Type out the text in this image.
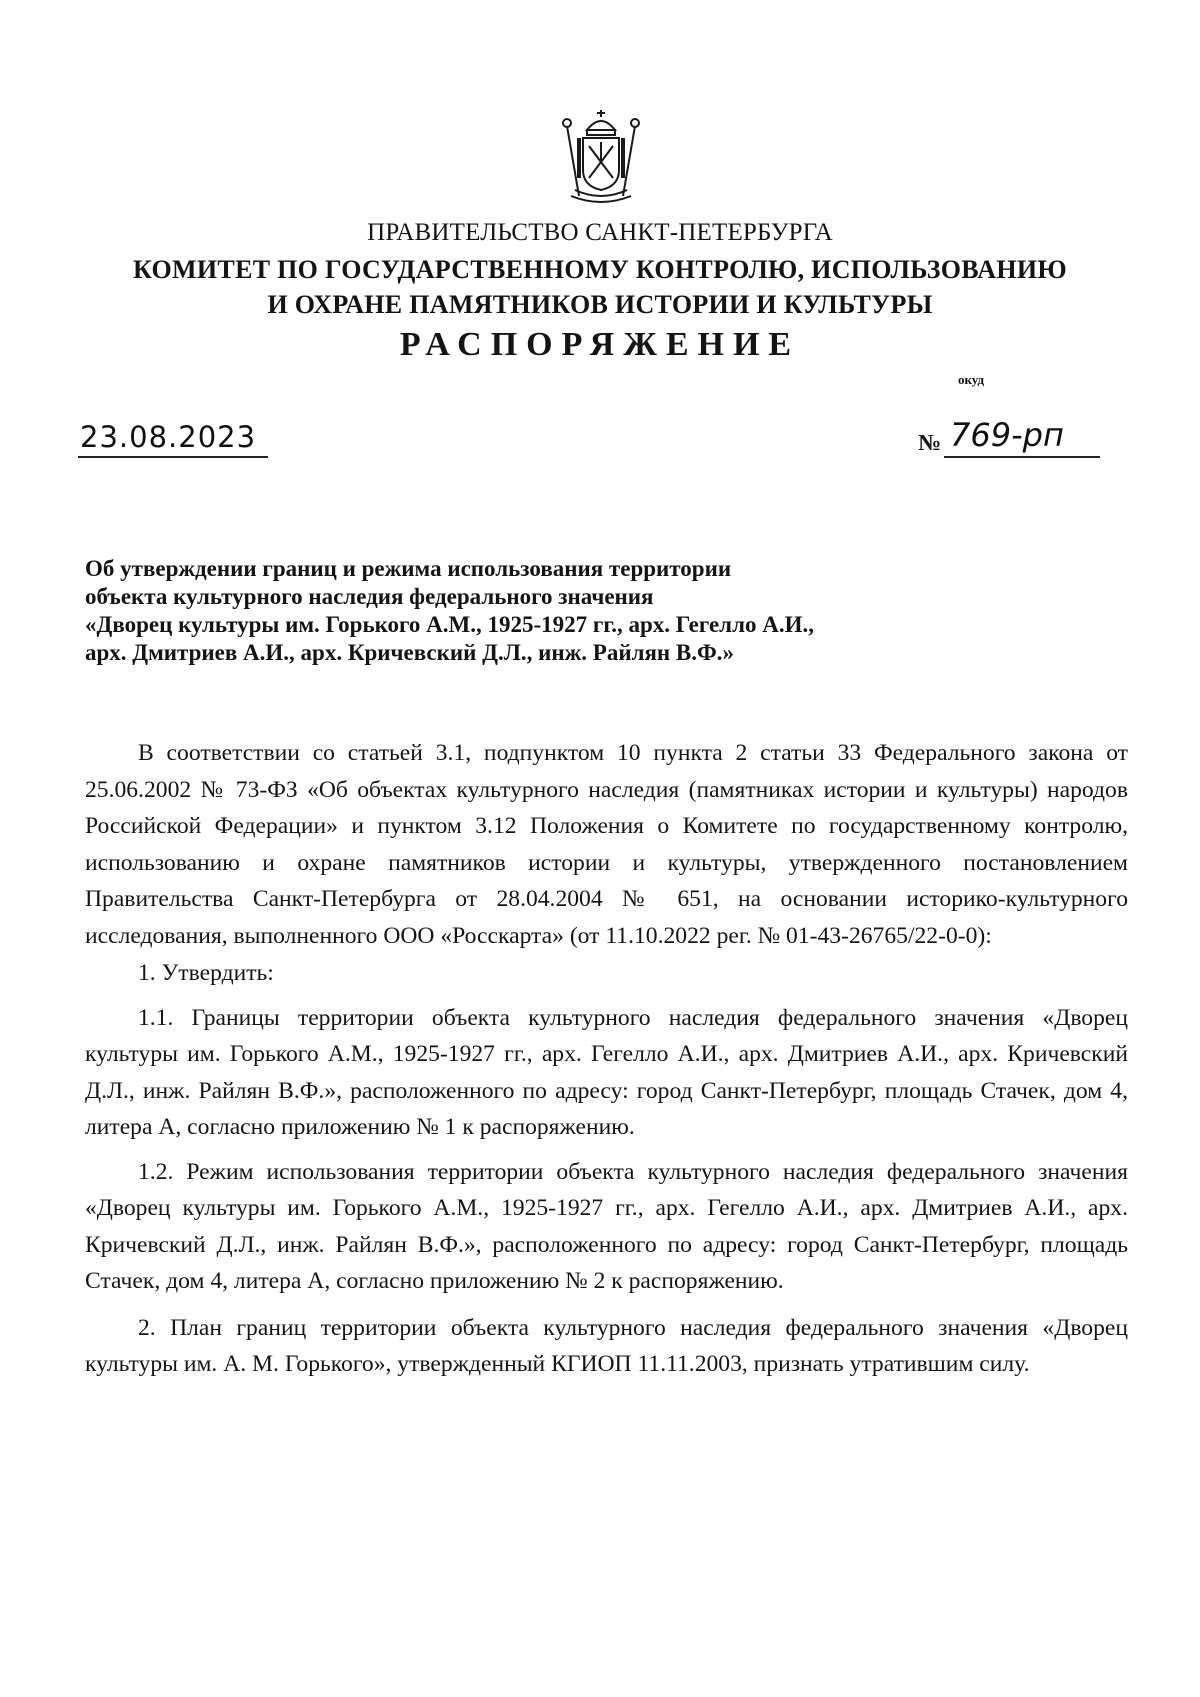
ПРАВИТЕЛЬСТВО САНКТ-ПЕТЕРБУРГА
КОМИТЕТ ПО ГОСУДАРСТВЕННОМУ КОНТРОЛЮ, ИСПОЛЬЗОВАНИЮ
И ОХРАНЕ ПАМЯТНИКОВ ИСТОРИИ И КУЛЬТУРЫ
РАСПОРЯЖЕНИЕ
окуд
23.08.2023	№ 769-рп
Об утверждении границ и режима использования территории
объекта культурного наследия федерального значения
«Дворец культуры им. Горького А.М., 1925-1927 гг., арх. Гегелло А.И.,
арх. Дмитриев А.И., арх. Кричевский Д.Л., инж. Райлян В.Ф.»

В соответствии со статьей 3.1, подпунктом 10 пункта 2 статьи 33 Федерального закона от 25.06.2002 № 73-ФЗ «Об объектах культурного наследия (памятниках истории и культуры) народов Российской Федерации» и пунктом 3.12 Положения о Комитете по государственному контролю, использованию и охране памятников истории и культуры, утвержденного постановлением Правительства Санкт-Петербурга от 28.04.2004 № 651, на основании историко-культурного исследования, выполненного ООО «Росскарта» (от 11.10.2022 рег. № 01-43-26765/22-0-0):

1. Утвердить:

1.1. Границы территории объекта культурного наследия федерального значения «Дворец культуры им. Горького А.М., 1925-1927 гг., арх. Гегелло А.И., арх. Дмитриев А.И., арх. Кричевский Д.Л., инж. Райлян В.Ф.», расположенного по адресу: город Санкт-Петербург, площадь Стачек, дом 4, литера А, согласно приложению № 1 к распоряжению.

1.2. Режим использования территории объекта культурного наследия федерального значения «Дворец культуры им. Горького А.М., 1925-1927 гг., арх. Гегелло А.И., арх. Дмитриев А.И., арх. Кричевский Д.Л., инж. Райлян В.Ф.», расположенного по адресу: город Санкт-Петербург, площадь Стачек, дом 4, литера А, согласно приложению № 2 к распоряжению.

2. План границ территории объекта культурного наследия федерального значения «Дворец культуры им. А. М. Горького», утвержденный КГИОП 11.11.2003, признать утратившим силу.
